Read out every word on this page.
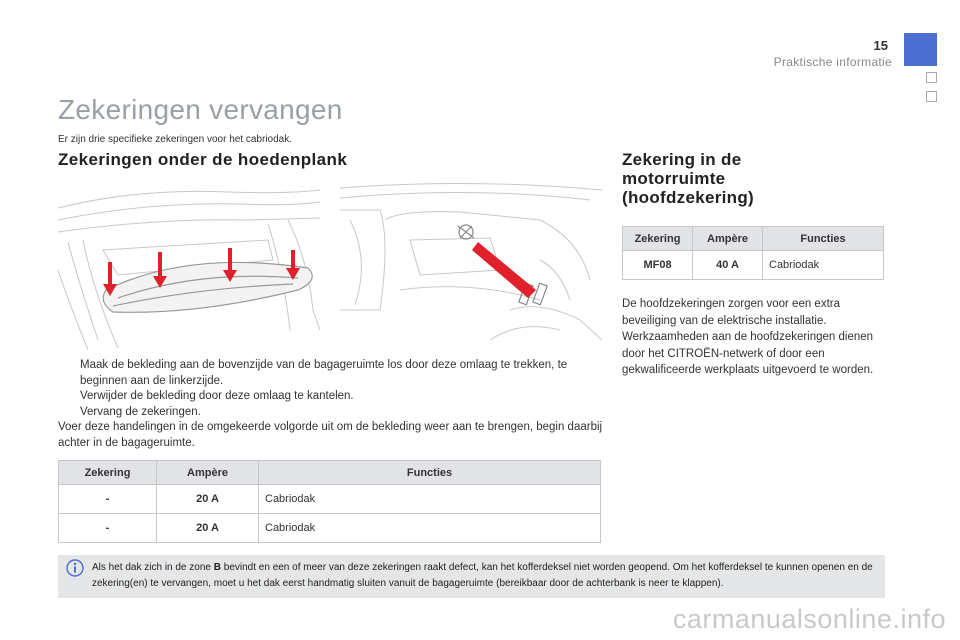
15
Praktische informatie
Zekeringen vervangen

Er zijn drie specifieke zekeringen voor het cabriodak.

Zekeringen onder de hoedenplank	Zekering in de
motorruimte
(hoofdzekering)
Maak de bekleding aan de bovenzijde van de bagageruimte los door deze omlaag te trekken, te beginnen aan de linkerzijde.
Verwijder de bekleding door deze omlaag te kantelen.
Vervang de zekeringen.

Voer deze handelingen in de omgekeerde volgorde uit om de bekleding weer aan te brengen, begin daarbij achter in de bagageruimte.

Zekering	Ampère	Functies
-	20 A	Cabriodak
-	20 A	Cabriodak
Zekering	Ampère	Functies
MF08	40 A	Cabriodak

De hoofdzekeringen zorgen voor een extra beveiliging van de elektrische installatie. Werkzaamheden aan de hoofdzekeringen dienen door het CITROËN-netwerk of door een gekwalificeerde werkplaats uitgevoerd te worden.

Als het dak zich in de zone B bevindt en een of meer van deze zekeringen raakt defect, kan het kofferdeksel niet worden geopend. Om het kofferdeksel te kunnen openen en de zekering(en) te vervangen, moet u het dak eerst handmatig sluiten vanuit de bagageruimte (bereikbaar door de achterbank is neer te klappen).

carmanualsonline.info
